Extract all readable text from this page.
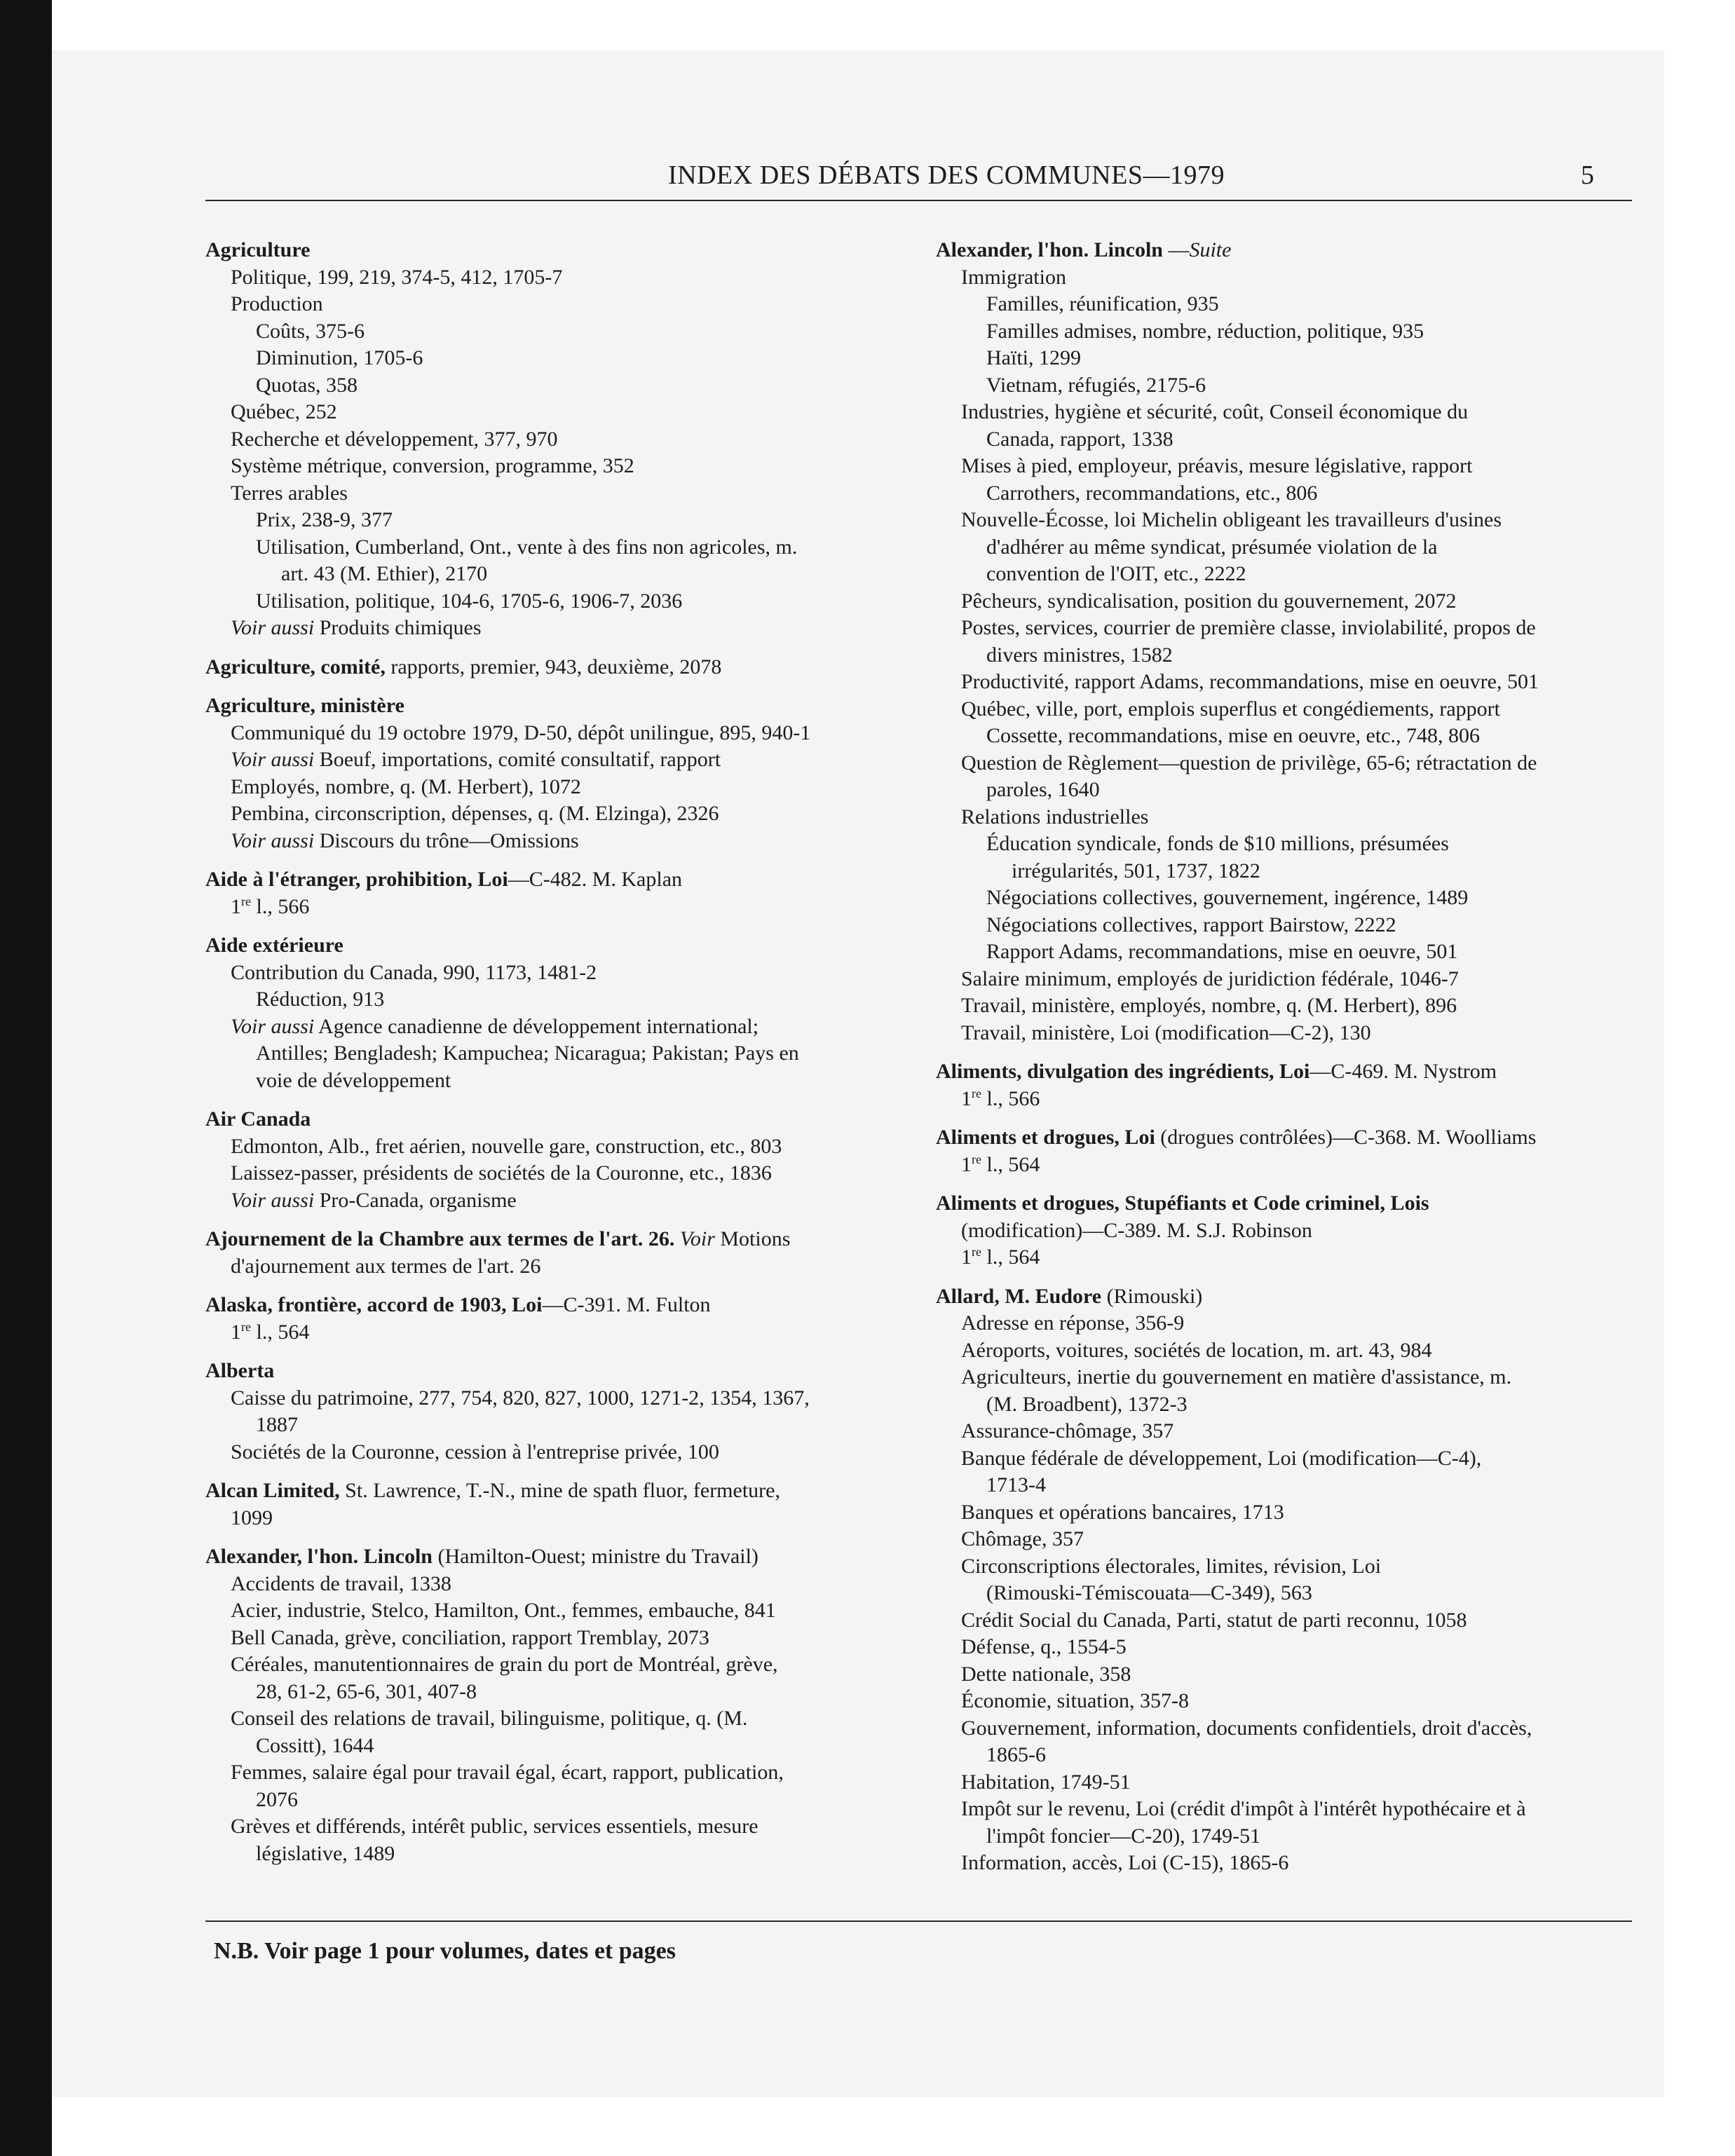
INDEX DES DÉBATS DES COMMUNES—1979	5
Agriculture
Politique, 199, 219, 374-5, 412, 1705-7
Production
Coûts, 375-6
Diminution, 1705-6
Quotas, 358
Québec, 252
Recherche et développement, 377, 970
Système métrique, conversion, programme, 352
Terres arables
Prix, 238-9, 377
Utilisation, Cumberland, Ont., vente à des fins non agricoles, m.
art. 43 (M. Ethier), 2170
Utilisation, politique, 104-6, 1705-6, 1906-7, 2036
Voir aussi Produits chimiques
Agriculture, comité, rapports, premier, 943, deuxième, 2078
Agriculture, ministère
Communiqué du 19 octobre 1979, D-50, dépôt unilingue, 895, 940-1
Voir aussi Boeuf, importations, comité consultatif, rapport
Employés, nombre, q. (M. Herbert), 1072
Pembina, circonscription, dépenses, q. (M. Elzinga), 2326
Voir aussi Discours du trône—Omissions
Aide à l'étranger, prohibition, Loi—C-482. M. Kaplan
1re l., 566
Aide extérieure
Contribution du Canada, 990, 1173, 1481-2
Réduction, 913
Voir aussi Agence canadienne de développement international;
Antilles; Bengladesh; Kampuchea; Nicaragua; Pakistan; Pays en
voie de développement
Air Canada
Edmonton, Alb., fret aérien, nouvelle gare, construction, etc., 803
Laissez-passer, présidents de sociétés de la Couronne, etc., 1836
Voir aussi Pro-Canada, organisme
Ajournement de la Chambre aux termes de l'art. 26. Voir Motions
d'ajournement aux termes de l'art. 26
Alaska, frontière, accord de 1903, Loi—C-391. M. Fulton
1re l., 564
Alberta
Caisse du patrimoine, 277, 754, 820, 827, 1000, 1271-2, 1354, 1367,
1887
Sociétés de la Couronne, cession à l'entreprise privée, 100
Alcan Limited, St. Lawrence, T.-N., mine de spath fluor, fermeture,
1099
Alexander, l'hon. Lincoln (Hamilton-Ouest; ministre du Travail)
Accidents de travail, 1338
Acier, industrie, Stelco, Hamilton, Ont., femmes, embauche, 841
Bell Canada, grève, conciliation, rapport Tremblay, 2073
Céréales, manutentionnaires de grain du port de Montréal, grève,
28, 61-2, 65-6, 301, 407-8
Conseil des relations de travail, bilinguisme, politique, q. (M.
Cossitt), 1644
Femmes, salaire égal pour travail égal, écart, rapport, publication,
2076
Grèves et différends, intérêt public, services essentiels, mesure
législative, 1489
Alexander, l'hon. Lincoln —Suite
Immigration
Familles, réunification, 935
Familles admises, nombre, réduction, politique, 935
Haïti, 1299
Vietnam, réfugiés, 2175-6
Industries, hygiène et sécurité, coût, Conseil économique du
Canada, rapport, 1338
Mises à pied, employeur, préavis, mesure législative, rapport
Carrothers, recommandations, etc., 806
Nouvelle-Écosse, loi Michelin obligeant les travailleurs d'usines
d'adhérer au même syndicat, présumée violation de la
convention de l'OIT, etc., 2222
Pêcheurs, syndicalisation, position du gouvernement, 2072
Postes, services, courrier de première classe, inviolabilité, propos de
divers ministres, 1582
Productivité, rapport Adams, recommandations, mise en oeuvre, 501
Québec, ville, port, emplois superflus et congédiements, rapport
Cossette, recommandations, mise en oeuvre, etc., 748, 806
Question de Règlement—question de privilège, 65-6; rétractation de
paroles, 1640
Relations industrielles
Éducation syndicale, fonds de $10 millions, présumées
irrégularités, 501, 1737, 1822
Négociations collectives, gouvernement, ingérence, 1489
Négociations collectives, rapport Bairstow, 2222
Rapport Adams, recommandations, mise en oeuvre, 501
Salaire minimum, employés de juridiction fédérale, 1046-7
Travail, ministère, employés, nombre, q. (M. Herbert), 896
Travail, ministère, Loi (modification—C-2), 130
Aliments, divulgation des ingrédients, Loi—C-469. M. Nystrom
1re l., 566
Aliments et drogues, Loi (drogues contrôlées)—C-368. M. Woolliams
1re l., 564
Aliments et drogues, Stupéfiants et Code criminel, Lois
(modification)—C-389. M. S.J. Robinson
1re l., 564
Allard, M. Eudore (Rimouski)
Adresse en réponse, 356-9
Aéroports, voitures, sociétés de location, m. art. 43, 984
Agriculteurs, inertie du gouvernement en matière d'assistance, m.
(M. Broadbent), 1372-3
Assurance-chômage, 357
Banque fédérale de développement, Loi (modification—C-4),
1713-4
Banques et opérations bancaires, 1713
Chômage, 357
Circonscriptions électorales, limites, révision, Loi
(Rimouski-Témiscouata—C-349), 563
Crédit Social du Canada, Parti, statut de parti reconnu, 1058
Défense, q., 1554-5
Dette nationale, 358
Économie, situation, 357-8
Gouvernement, information, documents confidentiels, droit d'accès,
1865-6
Habitation, 1749-51
Impôt sur le revenu, Loi (crédit d'impôt à l'intérêt hypothécaire et à
l'impôt foncier—C-20), 1749-51
Information, accès, Loi (C-15), 1865-6
N.B. Voir page 1 pour volumes, dates et pages
